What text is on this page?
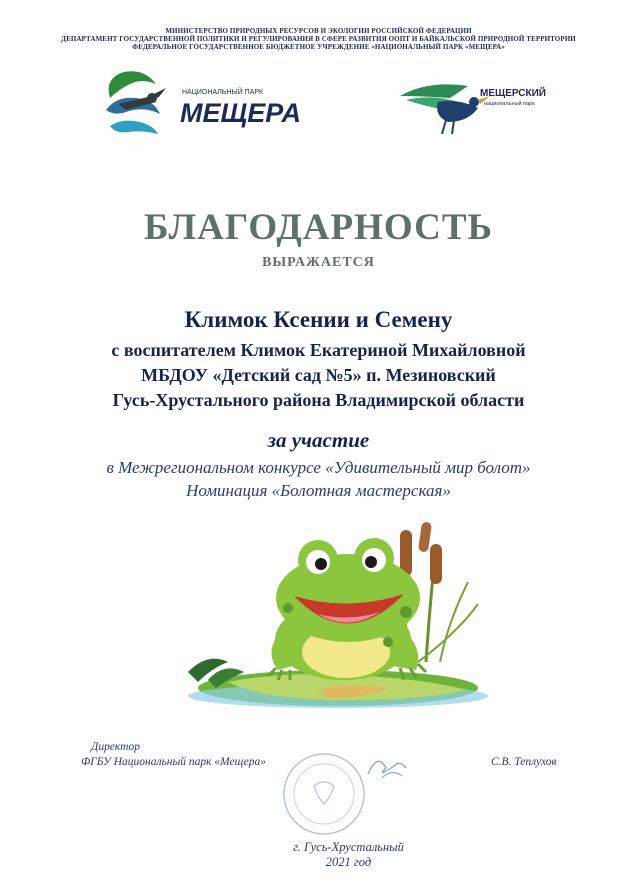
МИНИСТЕРСТВО ПРИРОДНЫХ РЕСУРСОВ И ЭКОЛОГИИ РОССИЙСКОЙ ФЕДЕРАЦИИ
ДЕПАРТАМЕНТ ГОСУДАРСТВЕННОЙ ПОЛИТИКИ И РЕГУЛИРОВАНИЯ В СФЕРЕ РАЗВИТИЯ ООПТ И БАЙКАЛЬСКОЙ ПРИРОДНОЙ ТЕРРИТОРИИ
ФЕДЕРАЛЬНОЕ ГОСУДАРСТВЕННОЕ БЮДЖЕТНОЕ УЧРЕЖДЕНИЕ «НАЦИОНАЛЬНЫЙ ПАРК «МЕЩЕРА»
НАЦИОНАЛЬНЫЙ ПАРК
МЕЩЕРА
МЕЩЕРСКИЙ
национальный парк
БЛАГОДАРНОСТЬ
ВЫРАЖАЕТСЯ
Климок Ксении и Семену
с воспитателем Климок Екатериной Михайловной
МБДОУ «Детский сад №5» п. Мезиновский
Гусь-Хрустального района Владимирской области
за участие
в Межрегиональном конкурсе «Удивительный мир болот»
Номинация «Болотная мастерская»
Директор
ФГБУ Национальный парк «Мещера»	С.В. Теплухов
г. Гусь-Хрустальный
2021 год
